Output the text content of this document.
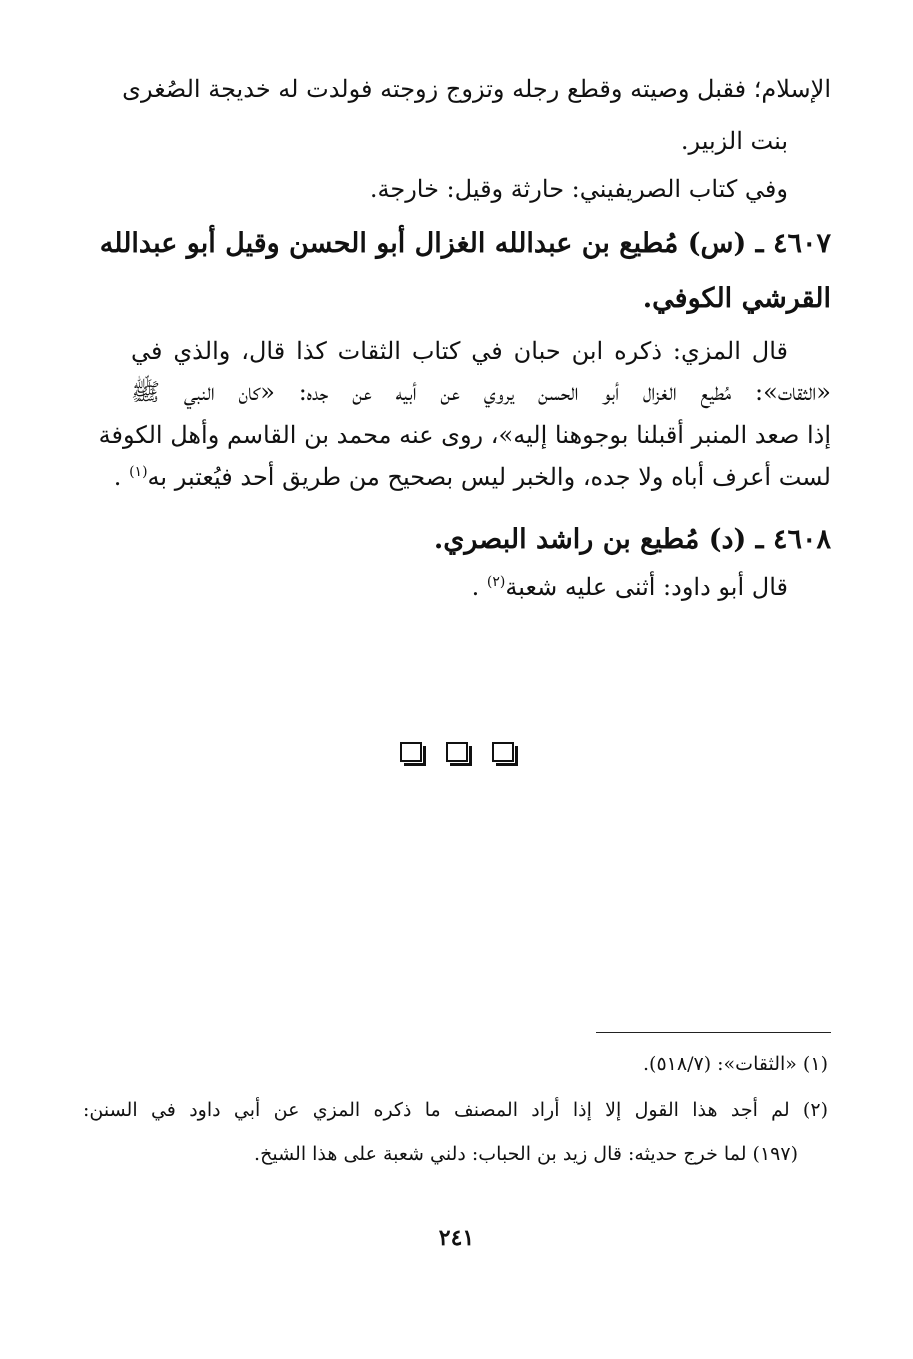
الإسلام؛ فقبل وصيته وقطع رجله وتزوج زوجته فولدت له خديجة الصُغرى
بنت الزبير.
وفي كتاب الصريفيني: حارثة وقيل: خارجة.
٤٦٠٧ ـ (س) مُطيع بن عبدالله الغزال أبو الحسن وقيل أبو عبدالله
القرشي الكوفي.
قال المزي: ذكره ابن حبان في كتاب الثقات كذا قال، والذي في
«الثقات»: مُطيع الغزال أبو الحسن يروي عن أبيه عن جده: «كان النبي ﷺ
إذا صعد المنبر أقبلنا بوجوهنا إليه»، روى عنه محمد بن القاسم وأهل الكوفة
لست أعرف أباه ولا جده، والخبر ليس بصحيح من طريق أحد فيُعتبر به$^{(١)}$ .
٤٦٠٨ ـ (د) مُطيع بن راشد البصري.
قال أبو داود: أثنى عليه شعبة$^{(٢)}$ .
(١) «الثقات»: (٥١٨/٧).
(٢) لم أجد هذا القول إلا إذا أراد المصنف ما ذكره المزي عن أبي داود في السنن:
(١٩٧) لما خرج حديثه: قال زيد بن الحباب: دلني شعبة على هذا الشيخ.
٢٤١
